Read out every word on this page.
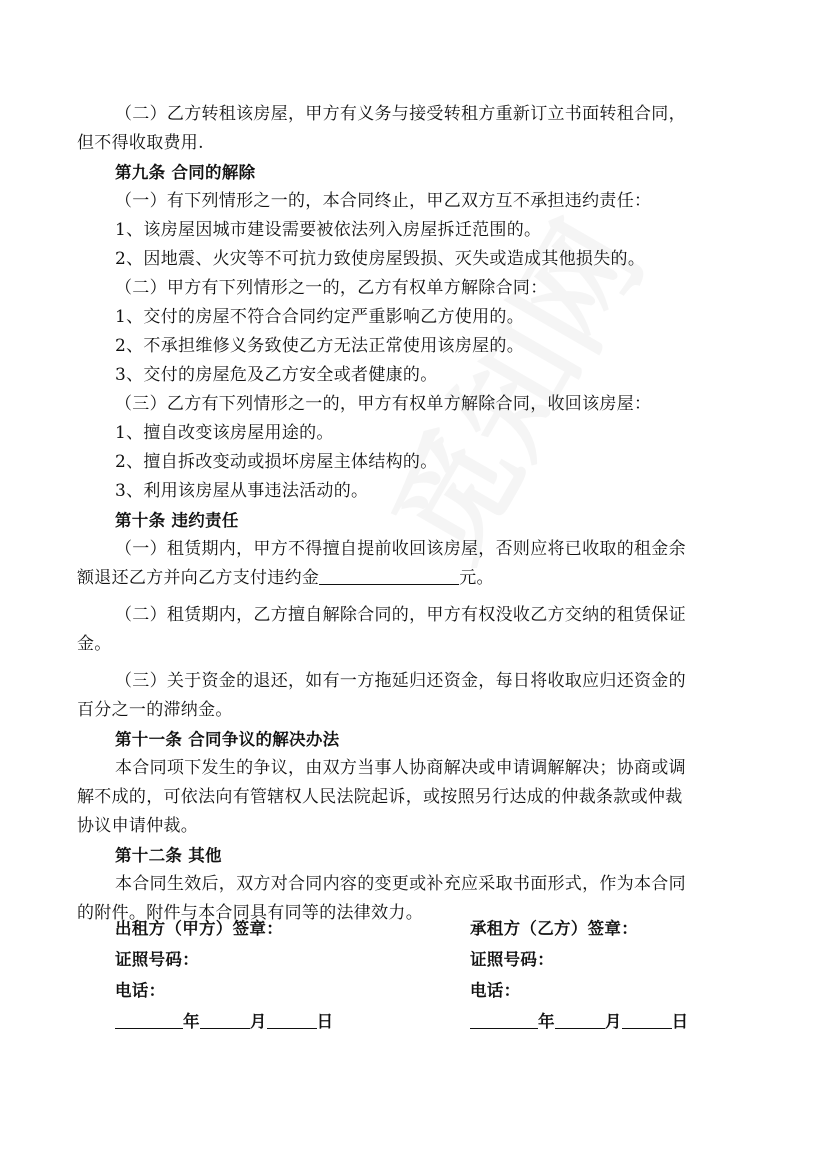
（二）乙方转租该房屋，甲方有义务与接受转租方重新订立书面转租合同，
但不得收取费用.
第九条 合同的解除
（一）有下列情形之一的，本合同终止，甲乙双方互不承担违约责任：
1、该房屋因城市建设需要被依法列入房屋拆迁范围的。
2、因地震、火灾等不可抗力致使房屋毁损、灭失或造成其他损失的。
（二）甲方有下列情形之一的，乙方有权单方解除合同：
1、交付的房屋不符合合同约定严重影响乙方使用的。
2、不承担维修义务致使乙方无法正常使用该房屋的。
3、交付的房屋危及乙方安全或者健康的。
（三）乙方有下列情形之一的，甲方有权单方解除合同，收回该房屋：
1、擅自改变该房屋用途的。
2、擅自拆改变动或损坏房屋主体结构的。
3、利用该房屋从事违法活动的。
第十条 违约责任
（一）租赁期内，甲方不得擅自提前收回该房屋，否则应将已收取的租金余
额退还乙方并向乙方支付违约金	元。
（二）租赁期内，乙方擅自解除合同的，甲方有权没收乙方交纳的租赁保证
金。
（三）关于资金的退还，如有一方拖延归还资金，每日将收取应归还资金的
百分之一的滞纳金。
第十一条 合同争议的解决办法
本合同项下发生的争议，由双方当事人协商解决或申请调解解决；协商或调
解不成的，可依法向有管辖权人民法院起诉，或按照另行达成的仲裁条款或仲裁
协议申请仲裁。
第十二条 其他
本合同生效后，双方对合同内容的变更或补充应采取书面形式，作为本合同
的附件。附件与本合同具有同等的法律效力。
出租方（甲方）签章：
证照号码：
电话：
年	月	日
承租方（乙方）签章：
证照号码：
电话：
年	月	日
